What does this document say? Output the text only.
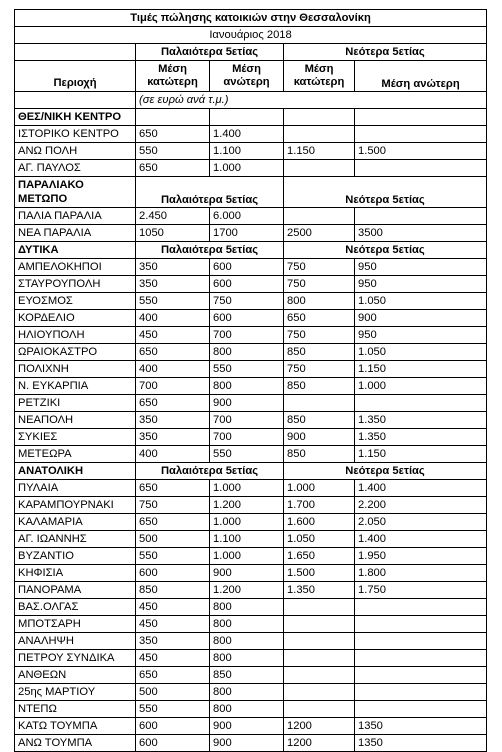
Τιμές πώλησης κατοικιών στην Θεσσαλονίκη				
Ιανουάριος 2018				
	Παλαιότερα 5ετίας		Νεότερα 5ετίας	
Περιοχή	Μέση κατώτερη	Μέση ανώτερη	Μέση κατώτερη	Μέση ανώτερη
	(σε ευρώ ανά τ.μ.)			
ΘΕΣ/ΝΙΚΗ ΚΕΝΤΡΟ				
ΙΣΤΟΡΙΚΟ ΚΕΝΤΡΟ	650	1.400		
ΑΝΩ ΠΟΛΗ	550	1.100	1.150	1.500
ΑΓ. ΠΑΥΛΟΣ	650	1.000		
ΠΑΡΑΛΙΑΚΟ ΜΕΤΩΠΟ	Παλαιότερα 5ετίας		Νεότερα 5ετίας	
ΠΑΛΙΑ ΠΑΡΑΛΙΑ	2.450	6.000		
ΝΕΑ ΠΑΡΑΛΙΑ	1050	1700	2500	3500
ΔΥΤΙΚΑ	Παλαιότερα 5ετίας		Νεότερα 5ετίας	
ΑΜΠΕΛΟΚΗΠΟΙ	350	600	750	950
ΣΤΑΥΡΟΥΠΟΛΗ	350	600	750	950
ΕΥΟΣΜΟΣ	550	750	800	1.050
ΚΟΡΔΕΛΙΟ	400	600	650	900
ΗΛΙΟΥΠΟΛΗ	450	700	750	950
ΩΡΑΙΟΚΑΣΤΡΟ	650	800	850	1.050
ΠΟΛΙΧΝΗ	400	550	750	1.150
Ν. ΕΥΚΑΡΠΙΑ	700	800	850	1.000
ΡΕΤΖΙΚΙ	650	900		
ΝΕΑΠΟΛΗ	350	700	850	1.350
ΣΥΚΙΕΣ	350	700	900	1.350
ΜΕΤΕΩΡΑ	400	550	850	1.150
ΑΝΑΤΟΛΙΚΗ	Παλαιότερα 5ετίας		Νεότερα 5ετίας	
ΠΥΛΑΙΑ	650	1.000	1.000	1.400
ΚΑΡΑΜΠΟΥΡΝΑΚΙ	750	1.200	1.700	2.200
ΚΑΛΑΜΑΡΙΑ	650	1.000	1.600	2.050
ΑΓ. ΙΩΑΝΝΗΣ	500	1.100	1.050	1.400
ΒΥΖΑΝΤΙΟ	550	1.000	1.650	1.950
ΚΗΦΙΣΙΑ	600	900	1.500	1.800
ΠΑΝΟΡΑΜΑ	850	1.200	1.350	1.750
ΒΑΣ.ΟΛΓΑΣ	450	800		
ΜΠΟΤΣΑΡΗ	450	800		
ΑΝΑΛΗΨΗ	350	800		
ΠΕΤΡΟΥ ΣΥΝΔΙΚΑ	450	800		
ΑΝΘΕΩΝ	650	850		
25ης ΜΑΡΤΙΟΥ	500	800		
ΝΤΕΠΩ	550	800		
ΚΑΤΩ ΤΟΥΜΠΑ	600	900	1200	1350
ΑΝΩ ΤΟΥΜΠΑ	600	900	1200	1350
